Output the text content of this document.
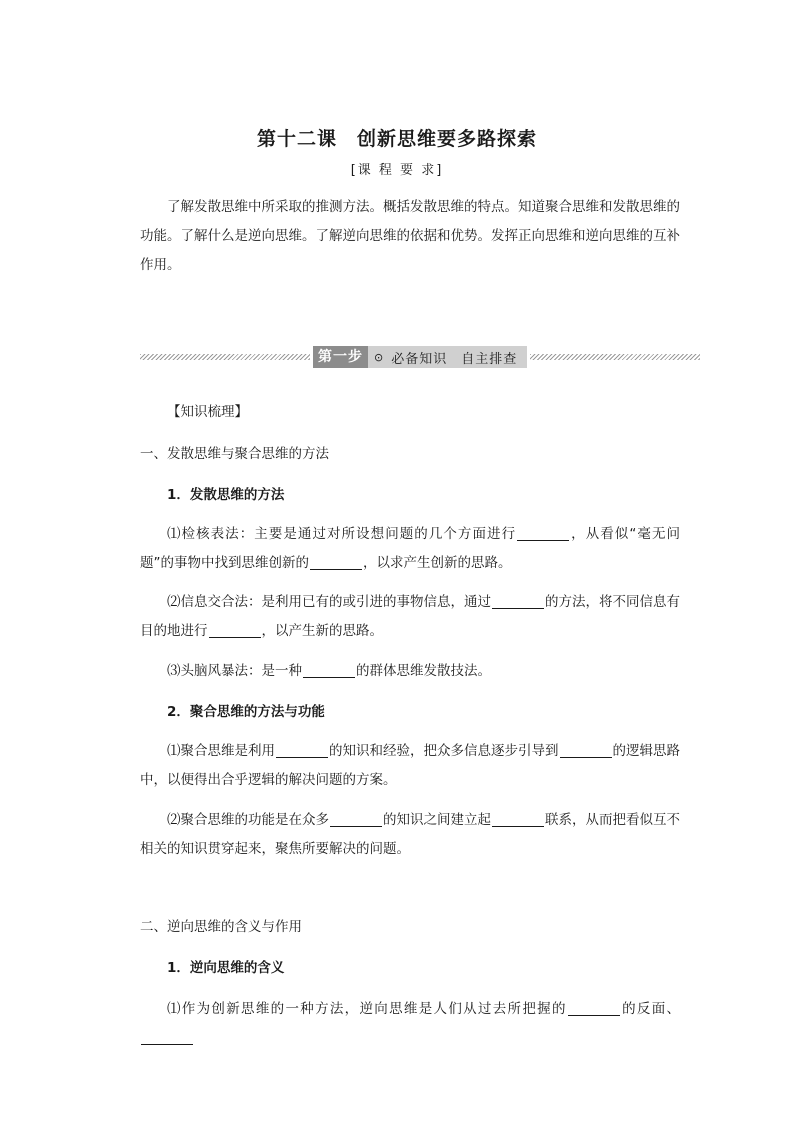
第十二课　创新思维要多路探索
[课 程 要 求]
了解发散思维中所采取的推测方法。概括发散思维的特点。知道聚合思维和发散思维的功能。了解什么是逆向思维。了解逆向思维的依据和优势。发挥正向思维和逆向思维的互补作用。
第一步	⊙ 必备知识　自主排查
【知识梳理】
一、发散思维与聚合思维的方法
1．发散思维的方法
⑴检核表法：主要是通过对所设想问题的几个方面进行	，从看似“毫无问题”的事物中找到思维创新的	，以求产生创新的思路。
⑵信息交合法：是利用已有的或引进的事物信息，通过	的方法，将不同信息有目的地进行	，以产生新的思路。
⑶头脑风暴法：是一种	的群体思维发散技法。
2．聚合思维的方法与功能
⑴聚合思维是利用	的知识和经验，把众多信息逐步引导到	的逻辑思路中，以便得出合乎逻辑的解决问题的方案。
⑵聚合思维的功能是在众多	的知识之间建立起	联系，从而把看似互不相关的知识贯穿起来，聚焦所要解决的问题。
二、逆向思维的含义与作用
1．逆向思维的含义
⑴作为创新思维的一种方法，逆向思维是人们从过去所把握的	的反面、
